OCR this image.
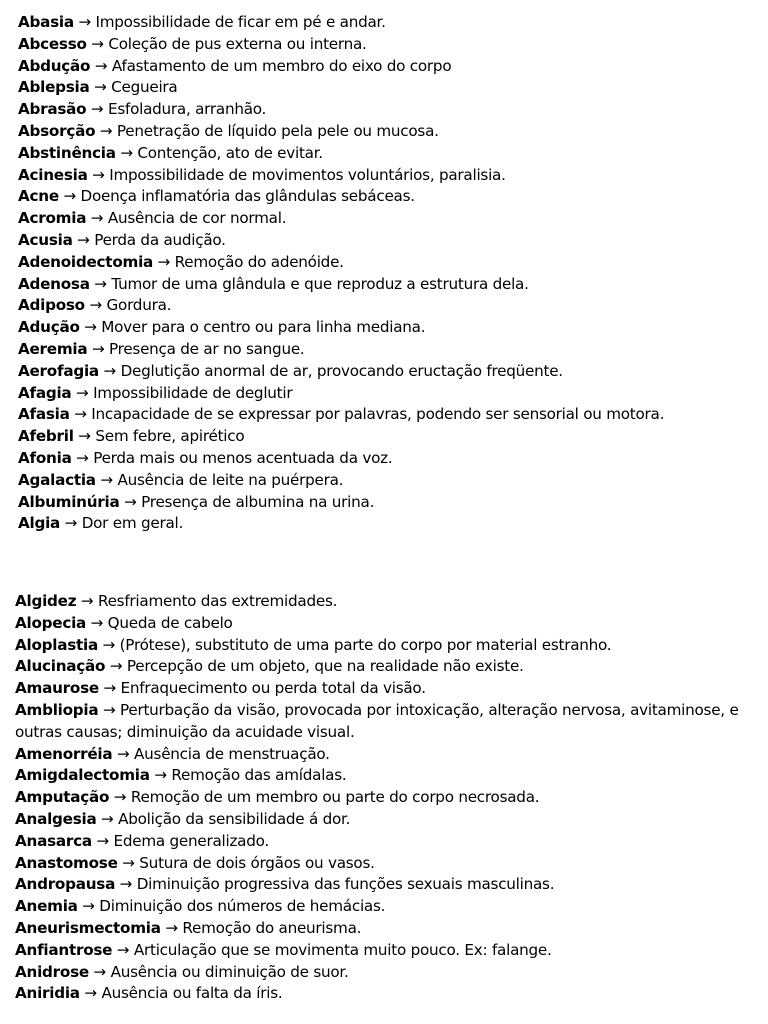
Abasia → Impossibilidade de ficar em pé e andar.
Abcesso → Coleção de pus externa ou interna.
Abdução → Afastamento de um membro do eixo do corpo
Ablepsia → Cegueira
Abrasão → Esfoladura, arranhão.
Absorção → Penetração de líquido pela pele ou mucosa.
Abstinência → Contenção, ato de evitar.
Acinesia → Impossibilidade de movimentos voluntários, paralisia.
Acne → Doença inflamatória das glândulas sebáceas.
Acromia → Ausência de cor normal.
Acusia → Perda da audição.
Adenoidectomia → Remoção do adenóide.
Adenosa → Tumor de uma glândula e que reproduz a estrutura dela.
Adiposo → Gordura.
Adução → Mover para o centro ou para linha mediana.
Aeremia → Presença de ar no sangue.
Aerofagia → Deglutição anormal de ar, provocando eructação freqüente.
Afagia → Impossibilidade de deglutir
Afasia → Incapacidade de se expressar por palavras, podendo ser sensorial ou motora.
Afebril → Sem febre, apirético
Afonia → Perda mais ou menos acentuada da voz.
Agalactia → Ausência de leite na puérpera.
Albuminúria → Presença de albumina na urina.
Algia → Dor em geral.
Algidez → Resfriamento das extremidades.
Alopecia → Queda de cabelo
Aloplastia → (Prótese), substituto de uma parte do corpo por material estranho.
Alucinação → Percepção de um objeto, que na realidade não existe.
Amaurose → Enfraquecimento ou perda total da visão.
Ambliopia → Perturbação da visão, provocada por intoxicação, alteração nervosa, avitaminose, e outras causas; diminuição da acuidade visual.
Amenorréia → Ausência de menstruação.
Amigdalectomia → Remoção das amídalas.
Amputação → Remoção de um membro ou parte do corpo necrosada.
Analgesia → Abolição da sensibilidade á dor.
Anasarca → Edema generalizado.
Anastomose → Sutura de dois órgãos ou vasos.
Andropausa → Diminuição progressiva das funções sexuais masculinas.
Anemia → Diminuição dos números de hemácias.
Aneurismectomia → Remoção do aneurisma.
Anfiantrose → Articulação que se movimenta muito pouco. Ex: falange.
Anidrose → Ausência ou diminuição de suor.
Aniridia → Ausência ou falta da íris.
